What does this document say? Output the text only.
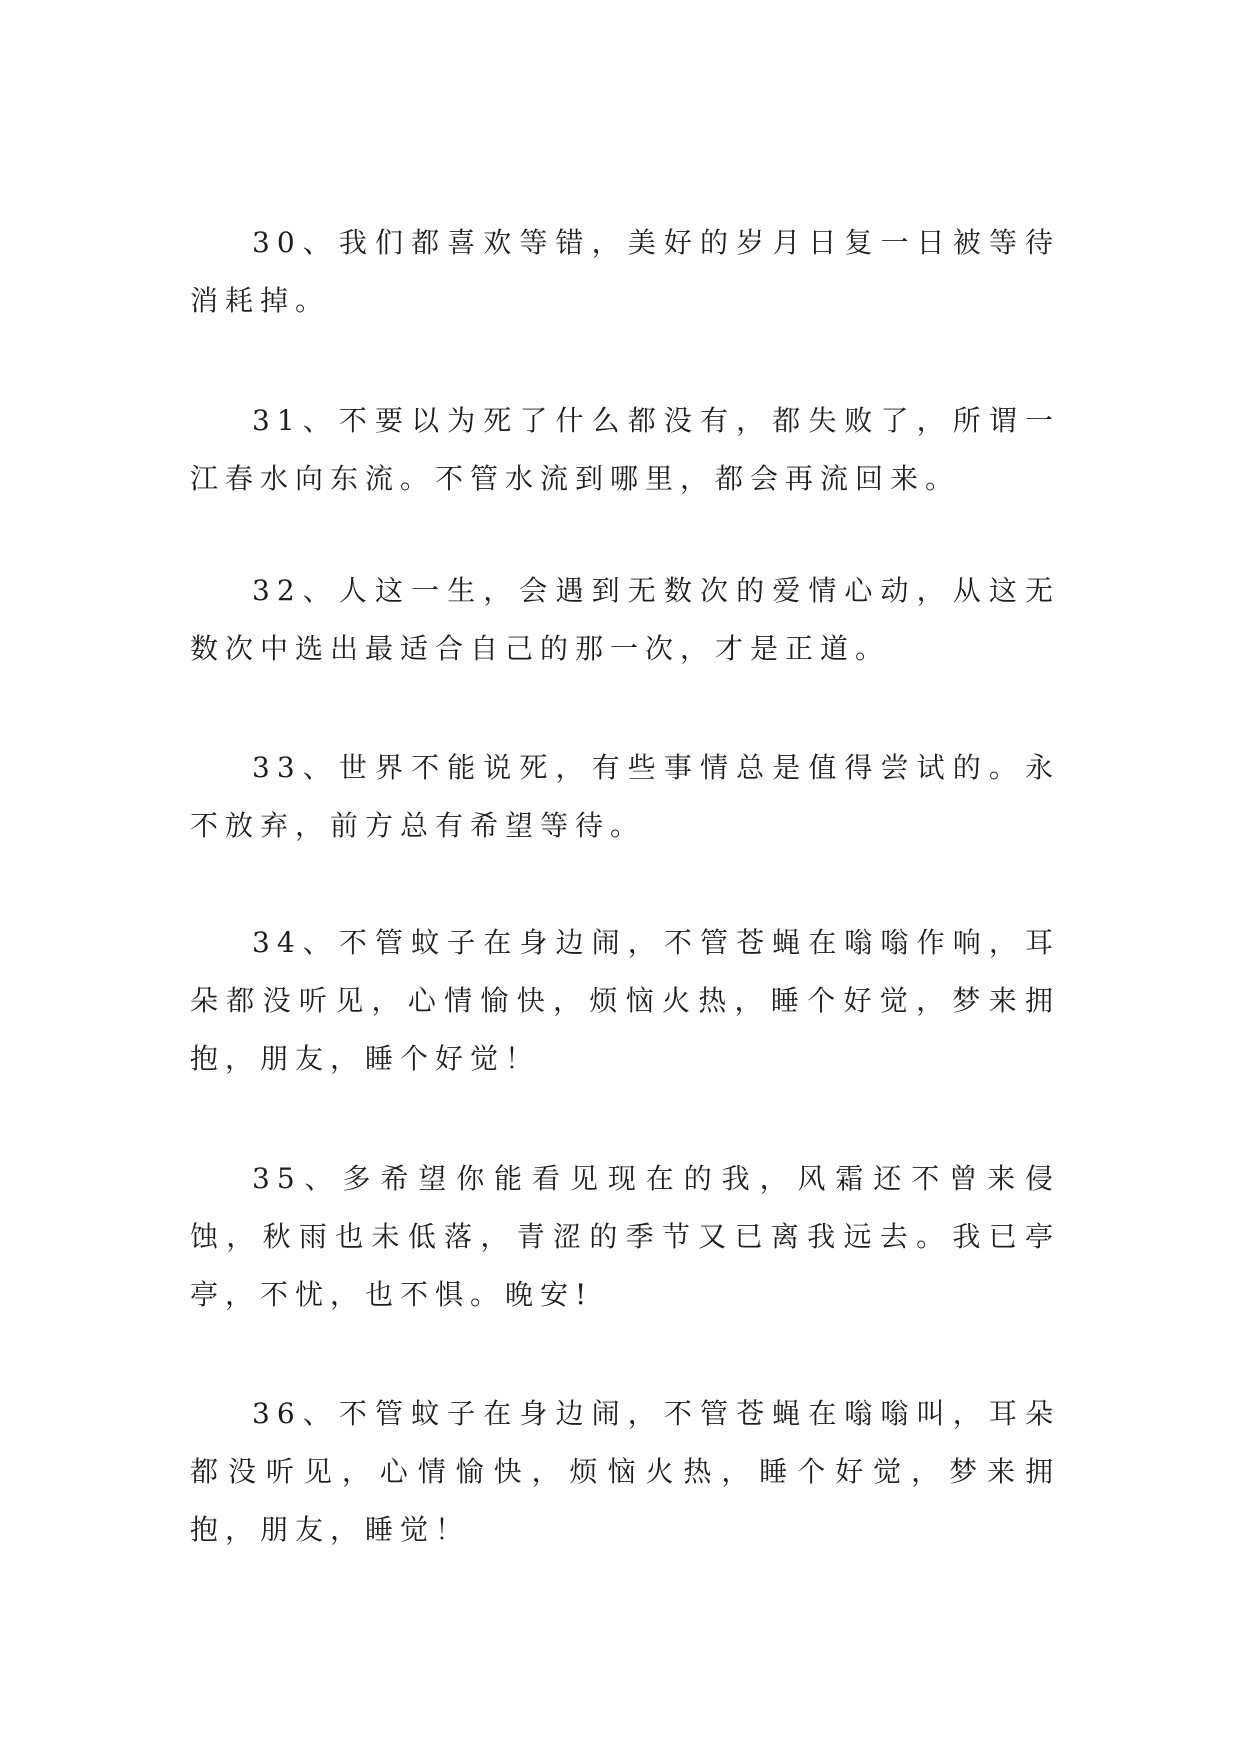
30、我们都喜欢等错，美好的岁月日复一日被等待消耗掉。

31、不要以为死了什么都没有，都失败了，所谓一江春水向东流。不管水流到哪里，都会再流回来。

32、人这一生，会遇到无数次的爱情心动，从这无数次中选出最适合自己的那一次，才是正道。

33、世界不能说死，有些事情总是值得尝试的。永不放弃，前方总有希望等待。

34、不管蚊子在身边闹，不管苍蝇在嗡嗡作响，耳朵都没听见，心情愉快，烦恼火热，睡个好觉，梦来拥抱，朋友，睡个好觉！

35、多希望你能看见现在的我，风霜还不曾来侵蚀，秋雨也未低落，青涩的季节又已离我远去。我已亭亭，不忧，也不惧。晚安!

36、不管蚊子在身边闹，不管苍蝇在嗡嗡叫，耳朵都没听见，心情愉快，烦恼火热，睡个好觉，梦来拥抱，朋友，睡觉！
